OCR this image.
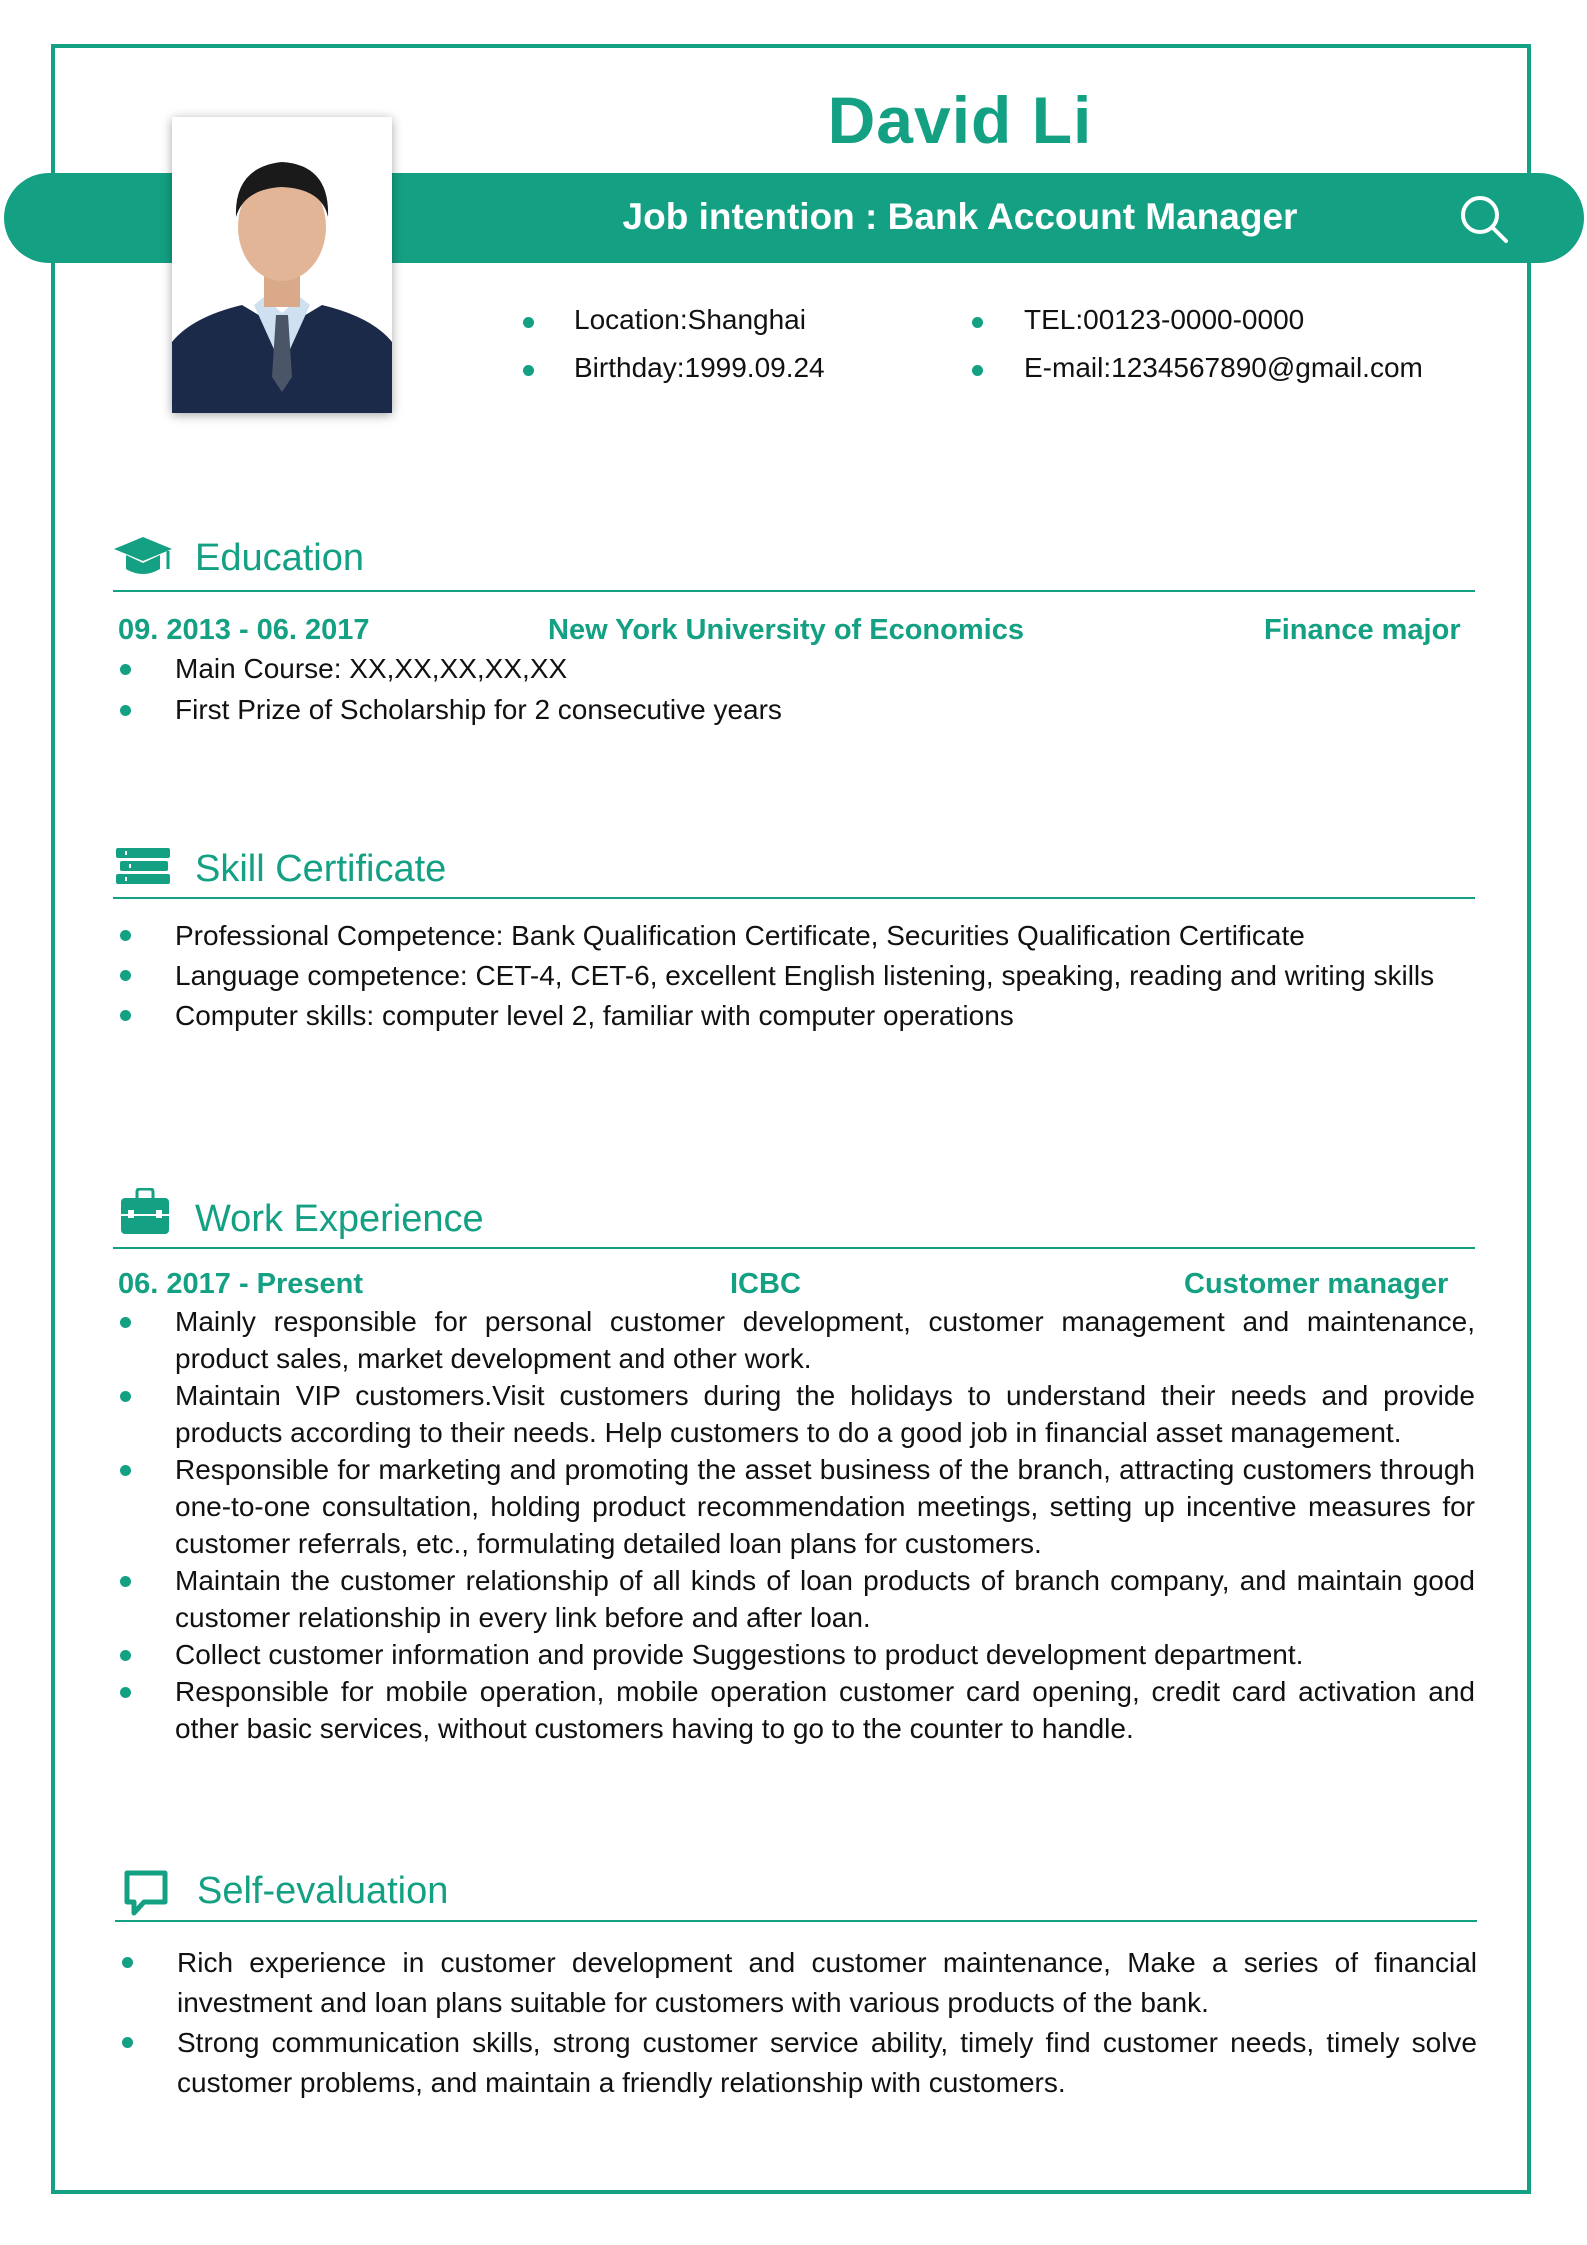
David Li
Job intention : Bank Account Manager
Location:Shanghai
Birthday:1999.09.24
TEL:00123-0000-0000
E-mail:1234567890@gmail.com
Education
09. 2013 - 06. 2017	New York University of Economics	Finance major
Main Course: XX,XX,XX,XX,XX
First Prize of Scholarship for 2 consecutive years
Skill Certificate
Professional Competence: Bank Qualification Certificate, Securities Qualification Certificate
Language competence: CET-4, CET-6, excellent English listening, speaking, reading and writing skills
Computer skills: computer level 2, familiar with computer operations
Work Experience
06. 2017 - Present	ICBC	Customer manager
Mainly responsible for personal customer development, customer management and maintenance, product sales, market development and other work.
Maintain VIP customers.Visit customers during the holidays to understand their needs and provide products according to their needs. Help customers to do a good job in financial asset management.
Responsible for marketing and promoting the asset business of the branch, attracting customers through one-to-one consultation, holding product recommendation meetings, setting up incentive measures for customer referrals, etc., formulating detailed loan plans for customers.
Maintain the customer relationship of all kinds of loan products of branch company, and maintain good customer relationship in every link before and after loan.
Collect customer information and provide Suggestions to product development department.
Responsible for mobile operation, mobile operation customer card opening, credit card activation and other basic services, without customers having to go to the counter to handle.
Self-evaluation
Rich experience in customer development and customer maintenance, Make a series of financial investment and loan plans suitable for customers with various products of the bank.
Strong communication skills, strong customer service ability, timely find customer needs, timely solve customer problems, and maintain a friendly relationship with customers.
